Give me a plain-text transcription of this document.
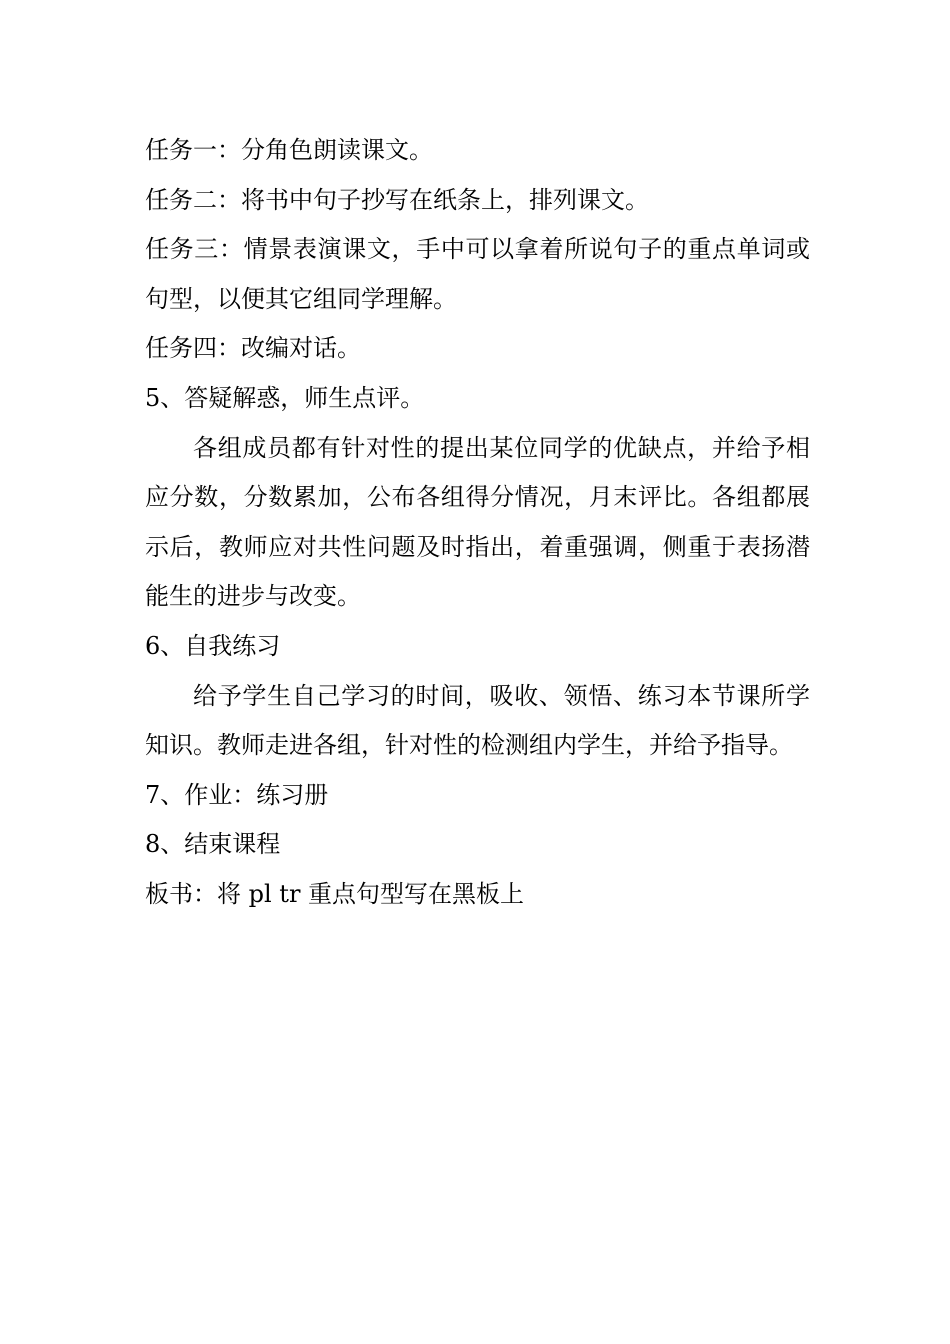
任务一：分角色朗读课文。
任务二：将书中句子抄写在纸条上，排列课文。

任务三：情景表演课文，手中可以拿着所说句子的重点单词或句型，以便其它组同学理解。

任务四：改编对话。
5、答疑解惑，师生点评。

各组成员都有针对性的提出某位同学的优缺点，并给予相应分数，分数累加，公布各组得分情况，月末评比。各组都展示后，教师应对共性问题及时指出，着重强调，侧重于表扬潜能生的进步与改变。

6、自我练习

给予学生自己学习的时间，吸收、领悟、练习本节课所学知识。教师走进各组，针对性的检测组内学生，并给予指导。

7、作业：练习册
8、结束课程
板书：将 pl tr 重点句型写在黑板上
